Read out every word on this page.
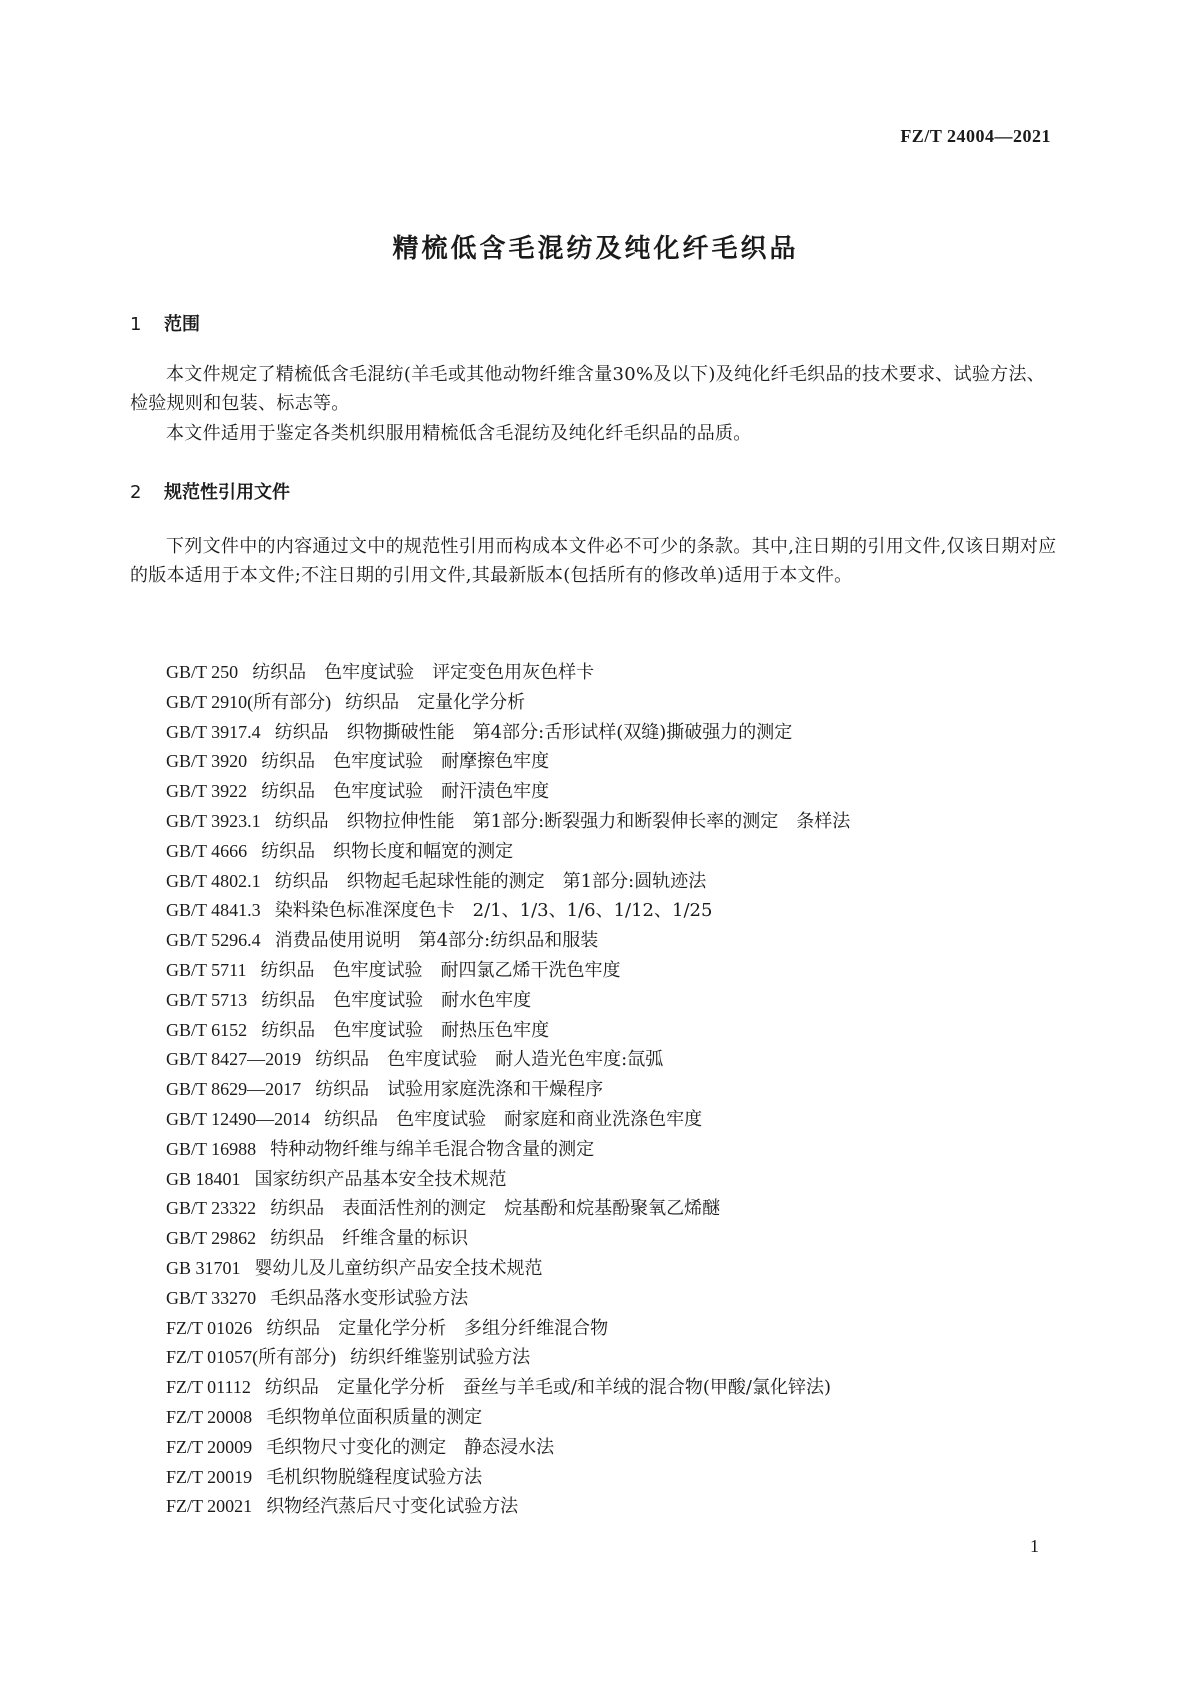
FZ/T 24004—2021
精梳低含毛混纺及纯化纤毛织品
1 范围
本文件规定了精梳低含毛混纺(羊毛或其他动物纤维含量30%及以下)及纯化纤毛织品的技术要求、试验方法、检验规则和包装、标志等。
本文件适用于鉴定各类机织服用精梳低含毛混纺及纯化纤毛织品的品质。
2 规范性引用文件
下列文件中的内容通过文中的规范性引用而构成本文件必不可少的条款。其中,注日期的引用文件,仅该日期对应的版本适用于本文件;不注日期的引用文件,其最新版本(包括所有的修改单)适用于本文件。
GB/T 250 纺织品　色牢度试验　评定变色用灰色样卡
GB/T 2910(所有部分) 纺织品　定量化学分析
GB/T 3917.4 纺织品　织物撕破性能　第4部分:舌形试样(双缝)撕破强力的测定
GB/T 3920 纺织品　色牢度试验　耐摩擦色牢度
GB/T 3922 纺织品　色牢度试验　耐汗渍色牢度
GB/T 3923.1 纺织品　织物拉伸性能　第1部分:断裂强力和断裂伸长率的测定　条样法
GB/T 4666 纺织品　织物长度和幅宽的测定
GB/T 4802.1 纺织品　织物起毛起球性能的测定　第1部分:圆轨迹法
GB/T 4841.3 染料染色标准深度色卡　2/1、1/3、1/6、1/12、1/25
GB/T 5296.4 消费品使用说明　第4部分:纺织品和服装
GB/T 5711 纺织品　色牢度试验　耐四氯乙烯干洗色牢度
GB/T 5713 纺织品　色牢度试验　耐水色牢度
GB/T 6152 纺织品　色牢度试验　耐热压色牢度
GB/T 8427—2019 纺织品　色牢度试验　耐人造光色牢度:氙弧
GB/T 8629—2017 纺织品　试验用家庭洗涤和干燥程序
GB/T 12490—2014 纺织品　色牢度试验　耐家庭和商业洗涤色牢度
GB/T 16988 特种动物纤维与绵羊毛混合物含量的测定
GB 18401 国家纺织产品基本安全技术规范
GB/T 23322 纺织品　表面活性剂的测定　烷基酚和烷基酚聚氧乙烯醚
GB/T 29862 纺织品　纤维含量的标识
GB 31701 婴幼儿及儿童纺织产品安全技术规范
GB/T 33270 毛织品落水变形试验方法
FZ/T 01026 纺织品　定量化学分析　多组分纤维混合物
FZ/T 01057(所有部分) 纺织纤维鉴别试验方法
FZ/T 01112 纺织品　定量化学分析　蚕丝与羊毛或/和羊绒的混合物(甲酸/氯化锌法)
FZ/T 20008 毛织物单位面积质量的测定
FZ/T 20009 毛织物尺寸变化的测定　静态浸水法
FZ/T 20019 毛机织物脱缝程度试验方法
FZ/T 20021 织物经汽蒸后尺寸变化试验方法
1
